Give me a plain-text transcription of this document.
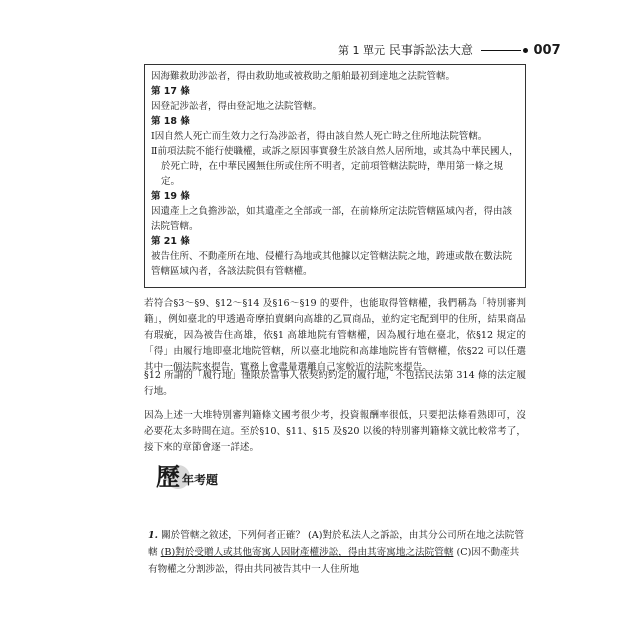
第 1 單元 民事訴訟法大意	007
因海難救助涉訟者，得由救助地或被救助之船舶最初到達地之法院管轄。
第 17 條
因登記涉訟者，得由登記地之法院管轄。
第 18 條
Ⅰ因自然人死亡而生效力之行為涉訟者，得由該自然人死亡時之住所地法院管轄。
Ⅱ前項法院不能行使職權，或訴之原因事實發生於該自然人居所地，或其為中華民國人，於死亡時，在中華民國無住所或住所不明者，定前項管轄法院時，準用第一條之規定。
第 19 條
因遺產上之負擔涉訟，如其遺產之全部或一部，在前條所定法院管轄區域內者，得由該法院管轄。
第 21 條
被告住所、不動產所在地、侵權行為地或其他據以定管轄法院之地，跨連或散在數法院管轄區域內者，各該法院俱有管轄權。
若符合§3～§9、§12～§14 及§16～§19 的要件，也能取得管轄權，我們稱為「特別審判籍」，例如臺北的甲透過奇摩拍賣網向高雄的乙買商品，並約定宅配到甲的住所，結果商品有瑕疵，因為被告住高雄，依§1 高雄地院有管轄權，因為履行地在臺北，依§12 規定的「得」由履行地即臺北地院管轄，所以臺北地院和高雄地院皆有管轄權，依§22 可以任選其中一個法院來提告，實務上會盡量選離自己家較近的法院來提告。
§12 所謂的「履行地」僅限於當事人依契約約定的履行地，不包括民法第 314 條的法定履行地。
因為上述一大堆特別審判籍條文國考很少考，投資報酬率很低，只要把法條看熟即可，沒必要花太多時間在這。至於§10、§11、§15 及§20 以後的特別審判籍條文就比較常考了，接下來的章節會逐一詳述。
歷 年考題
1. 關於管轄之敘述，下列何者正確？ (A)對於私法人之訴訟，由其分公司所在地之法院管轄 (B)對於受贈人或其他寄寓人因財產權涉訟，得由其寄寓地之法院管轄 (C)因不動產共有物權之分割涉訟，得由共同被告其中一人住所地
